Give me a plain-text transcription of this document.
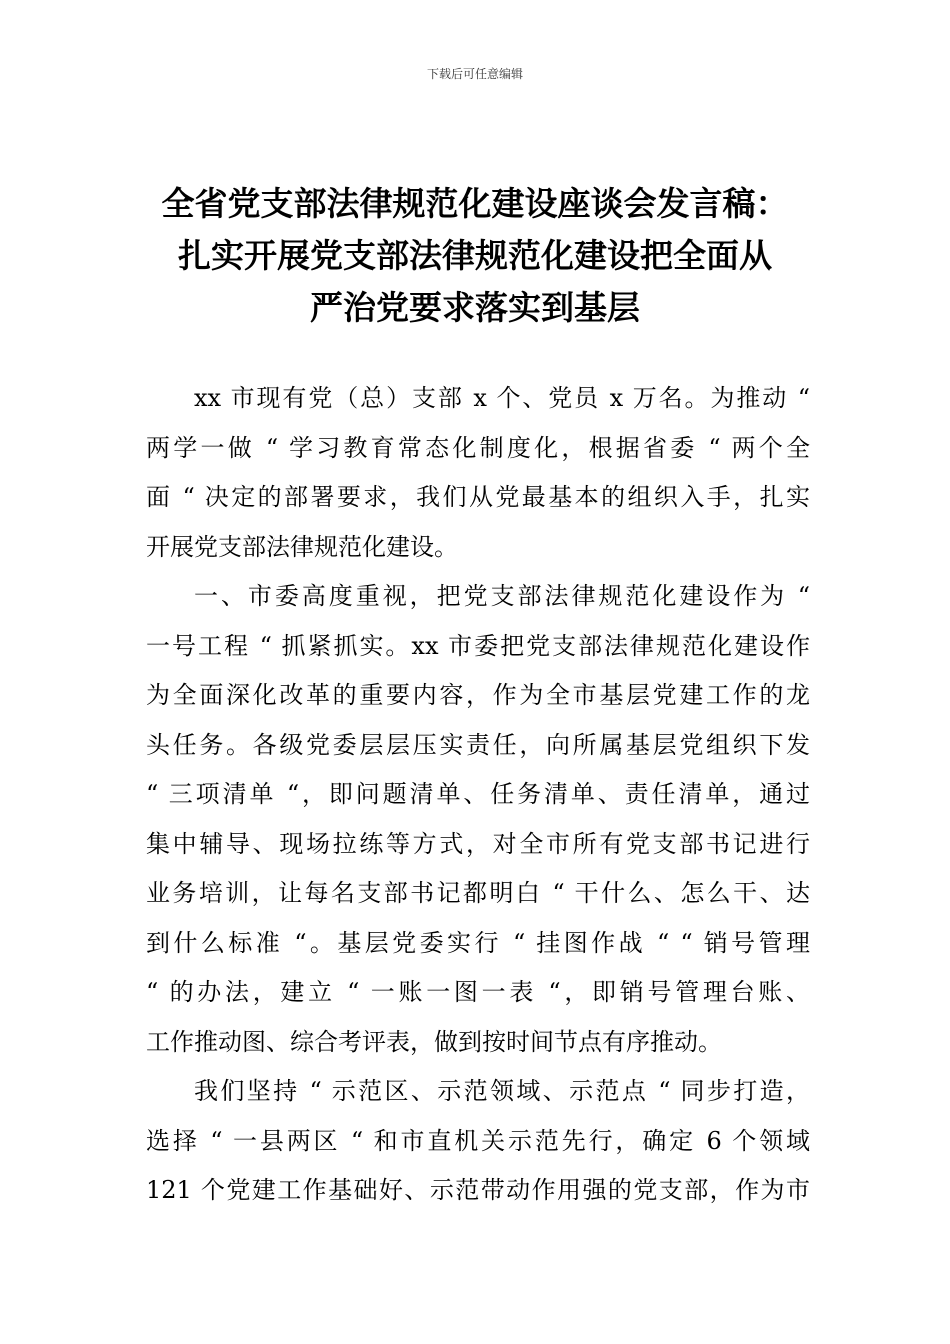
下载后可任意编辑
全省党支部法律规范化建设座谈会发言稿：
扎实开展党支部法律规范化建设把全面从
严治党要求落实到基层

xx 市现有党（总）支部 x 个、党员 x 万名。为推动 “
两学一做 “ 学习教育常态化制度化，根据省委 “ 两个全
面 “ 决定的部署要求，我们从党最基本的组织入手，扎实
开展党支部法律规范化建设。

一、市委高度重视，把党支部法律规范化建设作为 “
一号工程 “ 抓紧抓实。xx 市委把党支部法律规范化建设作
为全面深化改革的重要内容，作为全市基层党建工作的龙
头任务。各级党委层层压实责任，向所属基层党组织下发
“ 三项清单 “，即问题清单、任务清单、责任清单，通过
集中辅导、现场拉练等方式，对全市所有党支部书记进行
业务培训，让每名支部书记都明白 “ 干什么、怎么干、达
到什么标准 “。基层党委实行 “ 挂图作战 “ “ 销号管理
“ 的办法，建立 “ 一账一图一表 “，即销号管理台账、
工作推动图、综合考评表，做到按时间节点有序推动。

我们坚持 “ 示范区、示范领域、示范点 “ 同步打造，
选择 “ 一县两区 “ 和市直机关示范先行，确定 6 个领域
121 个党建工作基础好、示范带动作用强的党支部，作为市
